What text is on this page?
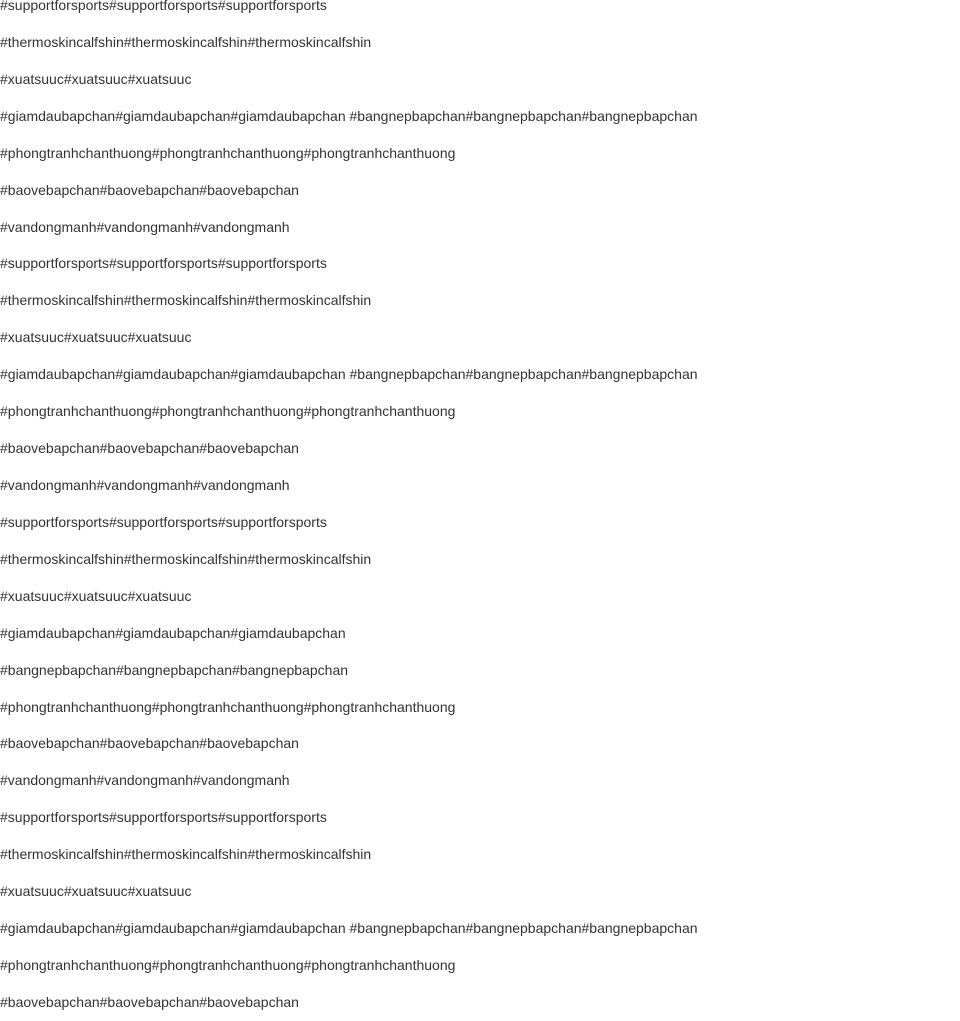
#supportforsports#supportforsports#supportforsports
#thermoskincalfshin#thermoskincalfshin#thermoskincalfshin
#xuatsuuc#xuatsuuc#xuatsuuc
#giamdaubapchan#giamdaubapchan#giamdaubapchan #bangnepbapchan#bangnepbapchan#bangnepbapchan
#phongtranhchanthuong#phongtranhchanthuong#phongtranhchanthuong
#baovebapchan#baovebapchan#baovebapchan
#vandongmanh#vandongmanh#vandongmanh
#supportforsports#supportforsports#supportforsports
#thermoskincalfshin#thermoskincalfshin#thermoskincalfshin
#xuatsuuc#xuatsuuc#xuatsuuc
#giamdaubapchan#giamdaubapchan#giamdaubapchan #bangnepbapchan#bangnepbapchan#bangnepbapchan
#phongtranhchanthuong#phongtranhchanthuong#phongtranhchanthuong
#baovebapchan#baovebapchan#baovebapchan
#vandongmanh#vandongmanh#vandongmanh
#supportforsports#supportforsports#supportforsports
#thermoskincalfshin#thermoskincalfshin#thermoskincalfshin
#xuatsuuc#xuatsuuc#xuatsuuc
#giamdaubapchan#giamdaubapchan#giamdaubapchan
#bangnepbapchan#bangnepbapchan#bangnepbapchan
#phongtranhchanthuong#phongtranhchanthuong#phongtranhchanthuong
#baovebapchan#baovebapchan#baovebapchan
#vandongmanh#vandongmanh#vandongmanh
#supportforsports#supportforsports#supportforsports
#thermoskincalfshin#thermoskincalfshin#thermoskincalfshin
#xuatsuuc#xuatsuuc#xuatsuuc
#giamdaubapchan#giamdaubapchan#giamdaubapchan #bangnepbapchan#bangnepbapchan#bangnepbapchan
#phongtranhchanthuong#phongtranhchanthuong#phongtranhchanthuong
#baovebapchan#baovebapchan#baovebapchan
